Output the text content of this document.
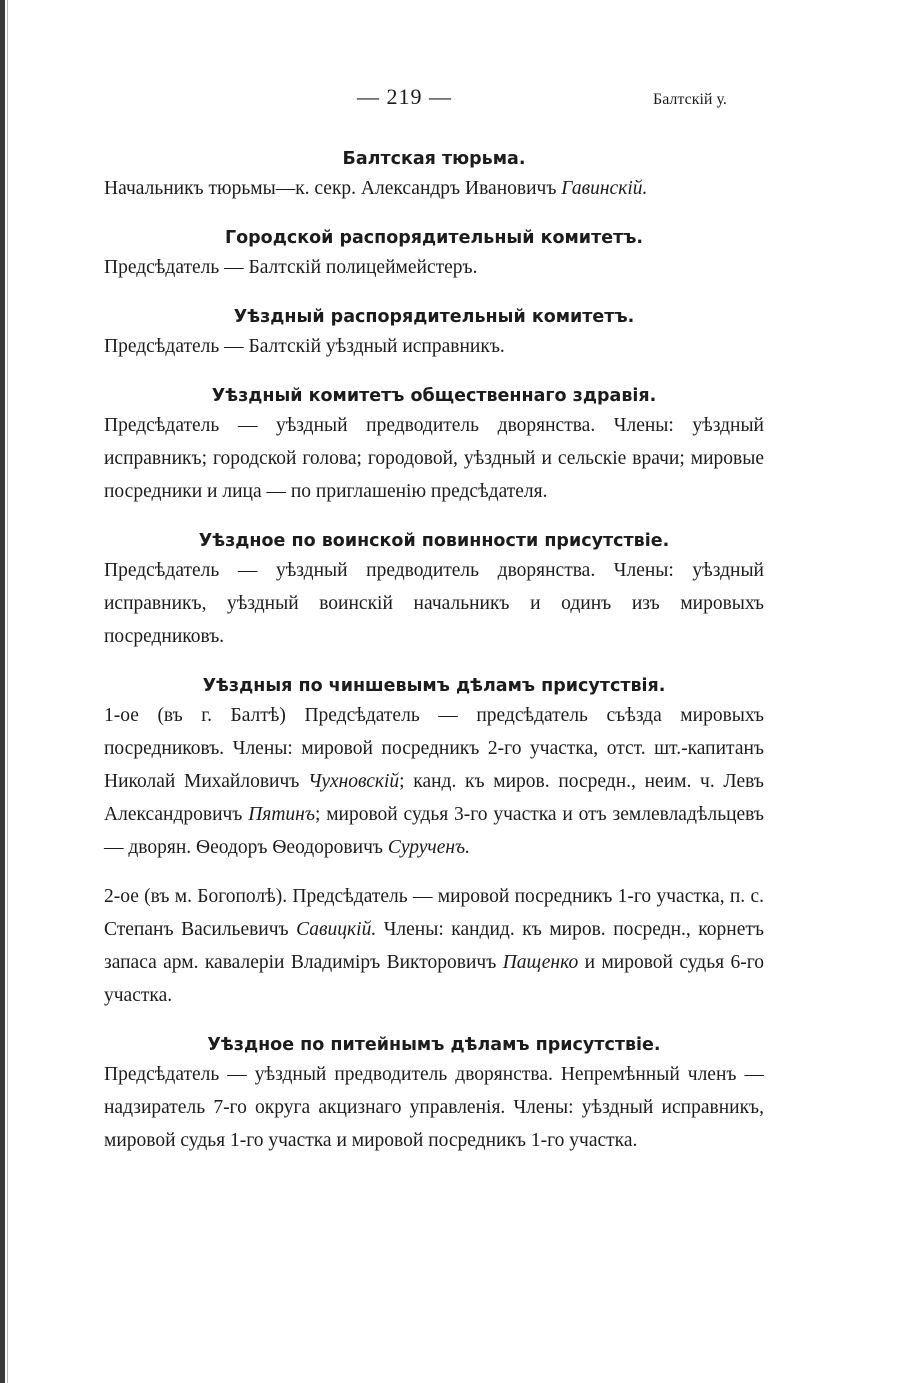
— 219 —	Балтскій у.
Балтская тюрьма.

Начальникъ тюрьмы—к. секр. Александръ Ивановичъ Гавинскій.

Городской распорядительный комитетъ.

Предсѣдатель — Балтскій полицеймейстеръ.

Уѣздный распорядительный комитетъ.

Предсѣдатель — Балтскій уѣздный исправникъ.

Уѣздный комитетъ общественнаго здравія.

Предсѣдатель — уѣздный предводитель дворянства. Члены: уѣздный исправникъ; городской голова; городовой, уѣздный и сельскіе врачи; мировые посредники и лица — по приглашенію предсѣдателя.

Уѣздное по воинской повинности присутствіе.

Предсѣдатель — уѣздный предводитель дворянства. Члены: уѣздный исправникъ, уѣздный воинскій начальникъ и одинъ изъ мировыхъ посредниковъ.

Уѣздныя по чиншевымъ дѣламъ присутствія.

1-ое (въ г. Балтѣ) Предсѣдатель — предсѣдатель съѣзда мировыхъ посредниковъ. Члены: мировой посредникъ 2-го участка, отст. шт.-капитанъ Николай Михайловичъ Чухновскій; канд. къ миров. посредн., неим. ч. Левъ Александровичъ Пятинъ; мировой судья 3-го участка и отъ землевладѣльцевъ — дворян. Ѳеодоръ Ѳеодоровичъ Сурученъ.

2-ое (въ м. Богополѣ). Предсѣдатель — мировой посредникъ 1-го участка, п. с. Степанъ Васильевичъ Савицкій. Члены: кандид. къ миров. посредн., корнетъ запаса арм. кавалеріи Владиміръ Викторовичъ Пащенко и мировой судья 6-го участка.

Уѣздное по питейнымъ дѣламъ присутствіе.

Предсѣдатель — уѣздный предводитель дворянства. Непремѣнный членъ — надзиратель 7-го округа акцизнаго управленія. Члены: уѣздный исправникъ, мировой судья 1-го участка и мировой посредникъ 1-го участка.
